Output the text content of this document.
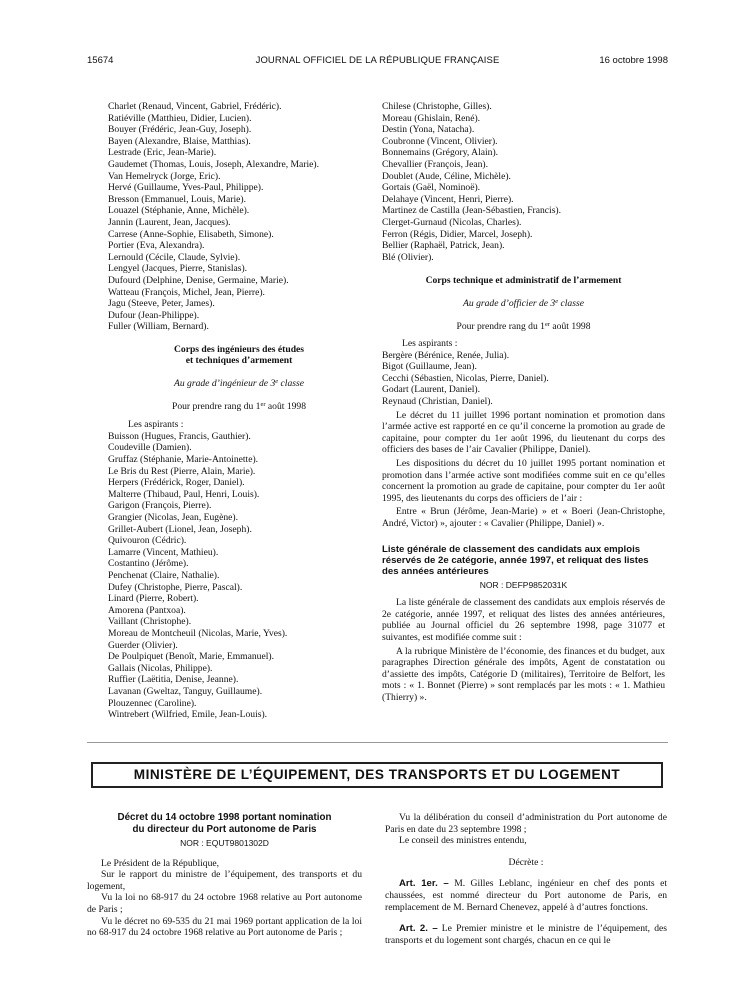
15674	JOURNAL OFFICIEL DE LA RÉPUBLIQUE FRANÇAISE	16 octobre 1998
Charlet (Renaud, Vincent, Gabriel, Frédéric).
Ratiéville (Matthieu, Didier, Lucien).
Bouyer (Frédéric, Jean-Guy, Joseph).
Bayen (Alexandre, Blaise, Matthias).
Lestrade (Eric, Jean-Marie).
Gaudemet (Thomas, Louis, Joseph, Alexandre, Marie).
Van Hemelryck (Jorge, Eric).
Hervé (Guillaume, Yves-Paul, Philippe).
Bresson (Emmanuel, Louis, Marie).
Louazel (Stéphanie, Anne, Michèle).
Jannin (Laurent, Jean, Jacques).
Carrese (Anne-Sophie, Elisabeth, Simone).
Portier (Eva, Alexandra).
Lernould (Cécile, Claude, Sylvie).
Lengyel (Jacques, Pierre, Stanislas).
Dufourd (Delphine, Denise, Germaine, Marie).
Watteau (François, Michel, Jean, Pierre).
Jagu (Steeve, Peter, James).
Dufour (Jean-Philippe).
Fuller (William, Bernard).
Corps des ingénieurs des études
et techniques d’armement
Au grade d’ingénieur de 3e classe
Pour prendre rang du 1er août 1998
Les aspirants :
Buisson (Hugues, Francis, Gauthier).
Coudeville (Damien).
Gruffaz (Stéphanie, Marie-Antoinette).
Le Bris du Rest (Pierre, Alain, Marie).
Herpers (Frédérick, Roger, Daniel).
Malterre (Thibaud, Paul, Henri, Louis).
Garigon (François, Pierre).
Grangier (Nicolas, Jean, Eugène).
Grillet-Aubert (Lionel, Jean, Joseph).
Quivouron (Cédric).
Lamarre (Vincent, Mathieu).
Costantino (Jérôme).
Penchenat (Claire, Nathalie).
Dufey (Christophe, Pierre, Pascal).
Linard (Pierre, Robert).
Amorena (Pantxoa).
Vaillant (Christophe).
Moreau de Montcheuil (Nicolas, Marie, Yves).
Guerder (Olivier).
De Poulpiquet (Benoît, Marie, Emmanuel).
Gallais (Nicolas, Philippe).
Ruffier (Laëtitia, Denise, Jeanne).
Lavanan (Gweltaz, Tanguy, Guillaume).
Plouzennec (Caroline).
Wintrebert (Wilfried, Emile, Jean-Louis).
Chilese (Christophe, Gilles).
Moreau (Ghislain, René).
Destin (Yona, Natacha).
Coubronne (Vincent, Olivier).
Bonnemains (Grégory, Alain).
Chevallier (François, Jean).
Doublet (Aude, Céline, Michèle).
Gortais (Gaël, Nominoë).
Delahaye (Vincent, Henri, Pierre).
Martinez de Castilla (Jean-Sébastien, Francis).
Clerget-Gurnaud (Nicolas, Charles).
Ferron (Régis, Didier, Marcel, Joseph).
Bellier (Raphaël, Patrick, Jean).
Blé (Olivier).
Corps technique et administratif de l’armement
Au grade d’officier de 3e classe
Pour prendre rang du 1er août 1998
Les aspirants :
Bergère (Bérénice, Renée, Julia).
Bigot (Guillaume, Jean).
Cecchi (Sébastien, Nicolas, Pierre, Daniel).
Godart (Laurent, Daniel).
Reynaud (Christian, Daniel).
Le décret du 11 juillet 1996 portant nomination et promotion dans l’armée active est rapporté en ce qu’il concerne la promotion au grade de capitaine, pour compter du 1er août 1996, du lieutenant du corps des officiers des bases de l’air Cavalier (Philippe, Daniel).
Les dispositions du décret du 10 juillet 1995 portant nomination et promotion dans l’armée active sont modifiées comme suit en ce qu’elles concernent la promotion au grade de capitaine, pour compter du 1er août 1995, des lieutenants du corps des officiers de l’air :
Entre « Brun (Jérôme, Jean-Marie) » et « Boeri (Jean-Christophe, André, Victor) », ajouter : « Cavalier (Philippe, Daniel) ».
Liste générale de classement des candidats aux emplois réservés de 2e catégorie, année 1997, et reliquat des listes des années antérieures
NOR : DEFP9852031K
La liste générale de classement des candidats aux emplois réservés de 2e catégorie, année 1997, et reliquat des listes des années antérieures, publiée au Journal officiel du 26 septembre 1998, page 31077 et suivantes, est modifiée comme suit :
A la rubrique Ministère de l’économie, des finances et du budget, aux paragraphes Direction générale des impôts, Agent de constatation ou d’assiette des impôts, Catégorie D (militaires), Territoire de Belfort, les mots : « 1. Bonnet (Pierre) » sont remplacés par les mots : « 1. Mathieu (Thierry) ».
MINISTÈRE DE L’ÉQUIPEMENT, DES TRANSPORTS ET DU LOGEMENT
Décret du 14 octobre 1998 portant nomination
du directeur du Port autonome de Paris
NOR : EQUT9801302D
Le Président de la République,
Sur le rapport du ministre de l’équipement, des transports et du logement,
Vu la loi no 68-917 du 24 octobre 1968 relative au Port autonome de Paris ;
Vu le décret no 69-535 du 21 mai 1969 portant application de la loi no 68-917 du 24 octobre 1968 relative au Port autonome de Paris ;
Vu la délibération du conseil d’administration du Port autonome de Paris en date du 23 septembre 1998 ;
Le conseil des ministres entendu,
Décrète :
Art. 1er. – M. Gilles Leblanc, ingénieur en chef des ponts et chaussées, est nommé directeur du Port autonome de Paris, en remplacement de M. Bernard Chenevez, appelé à d’autres fonctions.
Art. 2. – Le Premier ministre et le ministre de l’équipement, des transports et du logement sont chargés, chacun en ce qui le
